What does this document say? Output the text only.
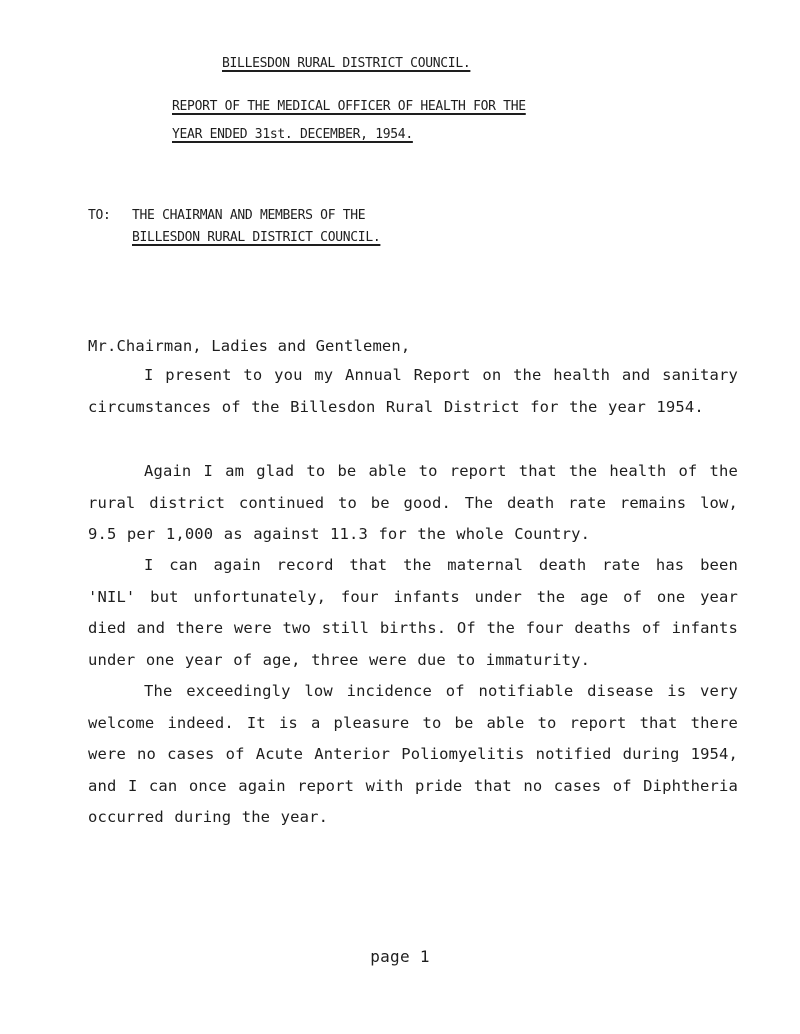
BILLESDON RURAL DISTRICT COUNCIL.
REPORT OF THE MEDICAL OFFICER OF HEALTH FOR THE
YEAR ENDED 31st. DECEMBER, 1954.
TO: THE CHAIRMAN AND MEMBERS OF THE
BILLESDON RURAL DISTRICT COUNCIL.
Mr.Chairman, Ladies and Gentlemen,

I present to you my Annual Report on the health and sanitary circumstances of the Billesdon Rural District for the year 1954.

Again I am glad to be able to report that the health of the rural district continued to be good. The death rate remains low, 9.5 per 1,000 as against 11.3 for the whole Country.

I can again record that the maternal death rate has been 'NIL' but unfortunately, four infants under the age of one year died and there were two still births. Of the four deaths of infants under one year of age, three were due to immaturity.

The exceedingly low incidence of notifiable disease is very welcome indeed. It is a pleasure to be able to report that there were no cases of Acute Anterior Poliomyelitis notified during 1954, and I can once again report with pride that no cases of Diphtheria occurred during the year.

page 1
